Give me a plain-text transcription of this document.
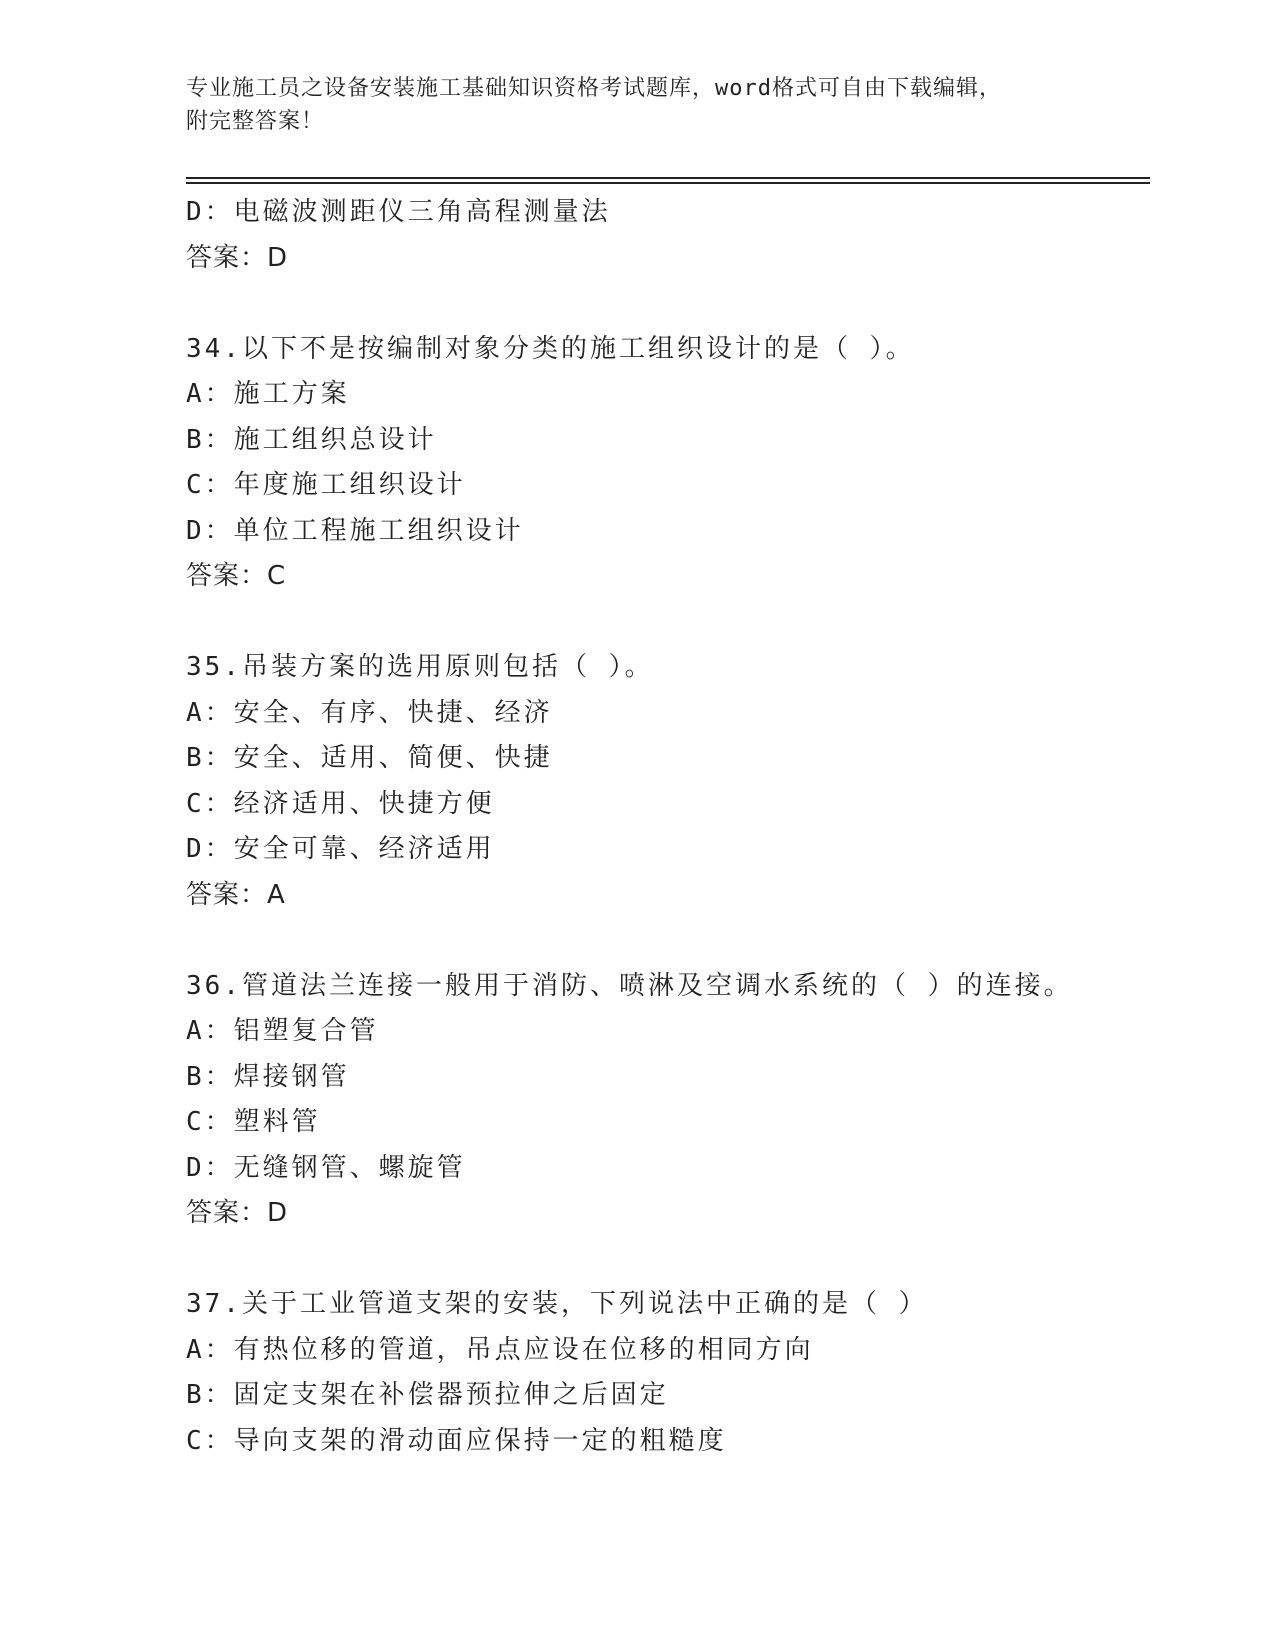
专业施工员之设备安装施工基础知识资格考试题库，word格式可自由下载编辑，
附完整答案！
D：电磁波测距仪三角高程测量法
答案：D
34.以下不是按编制对象分类的施工组织设计的是（ ）。
A：施工方案
B：施工组织总设计
C：年度施工组织设计
D：单位工程施工组织设计
答案：C
35.吊装方案的选用原则包括（ ）。
A：安全、有序、快捷、经济
B：安全、适用、简便、快捷
C：经济适用、快捷方便
D：安全可靠、经济适用
答案：A
36.管道法兰连接一般用于消防、喷淋及空调水系统的（ ）的连接。
A：铝塑复合管
B：焊接钢管
C：塑料管
D：无缝钢管、螺旋管
答案：D
37.关于工业管道支架的安装，下列说法中正确的是（ ）
A：有热位移的管道，吊点应设在位移的相同方向
B：固定支架在补偿器预拉伸之后固定
C：导向支架的滑动面应保持一定的粗糙度
